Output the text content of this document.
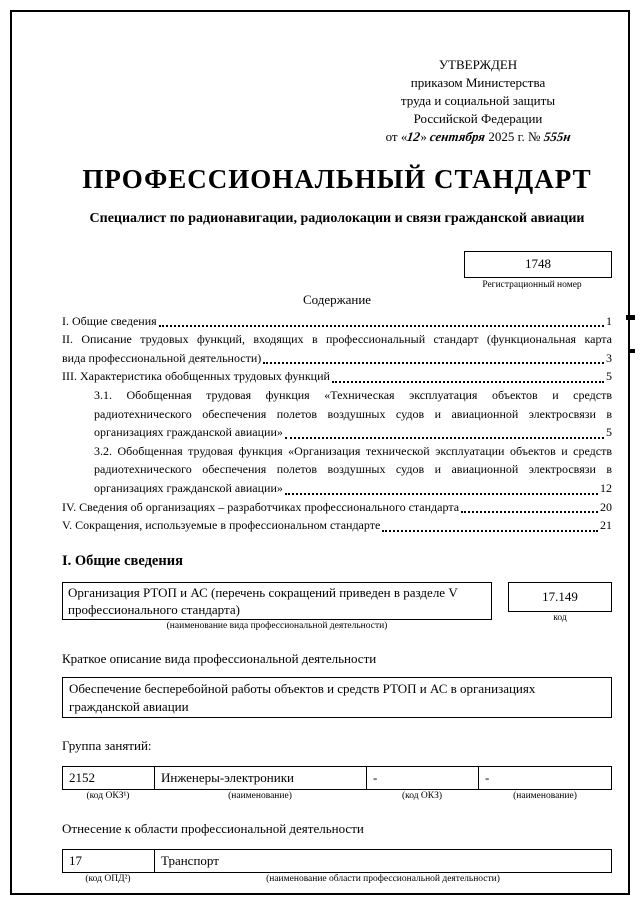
УТВЕРЖДЕН
приказом Министерства
труда и социальной защиты
Российской Федерации
от «12» сентября 2025 г. № 555н
ПРОФЕССИОНАЛЬНЫЙ СТАНДАРТ
Специалист по радионавигации, радиолокации и связи гражданской авиации
1748
Регистрационный номер
Содержание
I. Общие сведения	1
II. Описание трудовых функций, входящих в профессиональный стандарт (функциональная карта
вида профессиональной деятельности)	3
III. Характеристика обобщенных трудовых функций	5
3.1. Обобщенная трудовая функция «Техническая эксплуатация объектов и средств
радиотехнического обеспечения полетов воздушных судов и авиационной электросвязи в
организациях гражданской авиации»	5
3.2. Обобщенная трудовая функция «Организация технической эксплуатации объектов и средств
радиотехнического обеспечения полетов воздушных судов и авиационной электросвязи в
организациях гражданской авиации»	12
IV. Сведения об организациях – разработчиках профессионального стандарта	20
V. Сокращения, используемые в профессиональном стандарте	21
I. Общие сведения
Организация РТОП и АС (перечень сокращений приведен в разделе V профессионального стандарта)
(наименование вида профессиональной деятельности)
17.149
код
Краткое описание вида профессиональной деятельности
Обеспечение бесперебойной работы объектов и средств РТОП и АС в организациях гражданской авиации
Группа занятий:
2152	Инженеры-электроники	-	-
(код ОКЗ¹)	(наименование)	(код ОКЗ)	(наименование)
Отнесение к области профессиональной деятельности
17	Транспорт
(код ОПД²)	(наименование области профессиональной деятельности)
